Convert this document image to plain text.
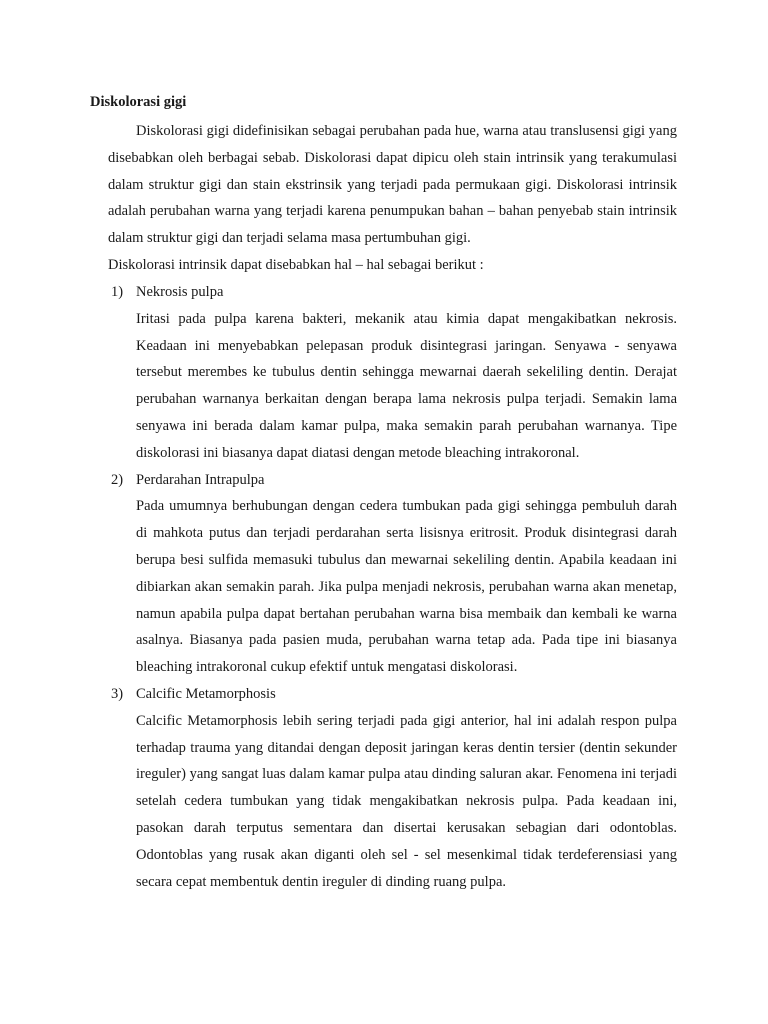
Diskolorasi gigi

Diskolorasi gigi didefinisikan sebagai perubahan pada hue, warna atau translusensi gigi yang disebabkan oleh berbagai sebab. Diskolorasi dapat dipicu oleh stain intrinsik yang terakumulasi dalam struktur gigi dan stain ekstrinsik yang terjadi pada permukaan gigi. Diskolorasi intrinsik adalah perubahan warna yang terjadi karena penumpukan bahan – bahan penyebab stain intrinsik dalam struktur gigi dan terjadi selama masa pertumbuhan gigi.

Diskolorasi intrinsik dapat disebabkan hal – hal sebagai berikut :

1) Nekrosis pulpa

Iritasi pada pulpa karena bakteri, mekanik atau kimia dapat mengakibatkan nekrosis. Keadaan ini menyebabkan pelepasan produk disintegrasi jaringan. Senyawa - senyawa tersebut merembes ke tubulus dentin sehingga mewarnai daerah sekeliling dentin. Derajat perubahan warnanya berkaitan dengan berapa lama nekrosis pulpa terjadi. Semakin lama senyawa ini berada dalam kamar pulpa, maka semakin parah perubahan warnanya. Tipe diskolorasi ini biasanya dapat diatasi dengan metode bleaching intrakoronal.

2) Perdarahan Intrapulpa

Pada umumnya berhubungan dengan cedera tumbukan pada gigi sehingga pembuluh darah di mahkota putus dan terjadi perdarahan serta lisisnya eritrosit. Produk disintegrasi darah berupa besi sulfida memasuki tubulus dan mewarnai sekeliling dentin. Apabila keadaan ini dibiarkan akan semakin parah. Jika pulpa menjadi nekrosis, perubahan warna akan menetap, namun apabila pulpa dapat bertahan perubahan warna bisa membaik dan kembali ke warna asalnya. Biasanya pada pasien muda, perubahan warna tetap ada. Pada tipe ini biasanya bleaching intrakoronal cukup efektif untuk mengatasi diskolorasi.

3) Calcific Metamorphosis

Calcific Metamorphosis lebih sering terjadi pada gigi anterior, hal ini adalah respon pulpa terhadap trauma yang ditandai dengan deposit jaringan keras dentin tersier (dentin sekunder ireguler) yang sangat luas dalam kamar pulpa atau dinding saluran akar. Fenomena ini terjadi setelah cedera tumbukan yang tidak mengakibatkan nekrosis pulpa. Pada keadaan ini, pasokan darah terputus sementara dan disertai kerusakan sebagian dari odontoblas. Odontoblas yang rusak akan diganti oleh sel - sel mesenkimal tidak terdeferensiasi yang secara cepat membentuk dentin ireguler di dinding ruang pulpa.
